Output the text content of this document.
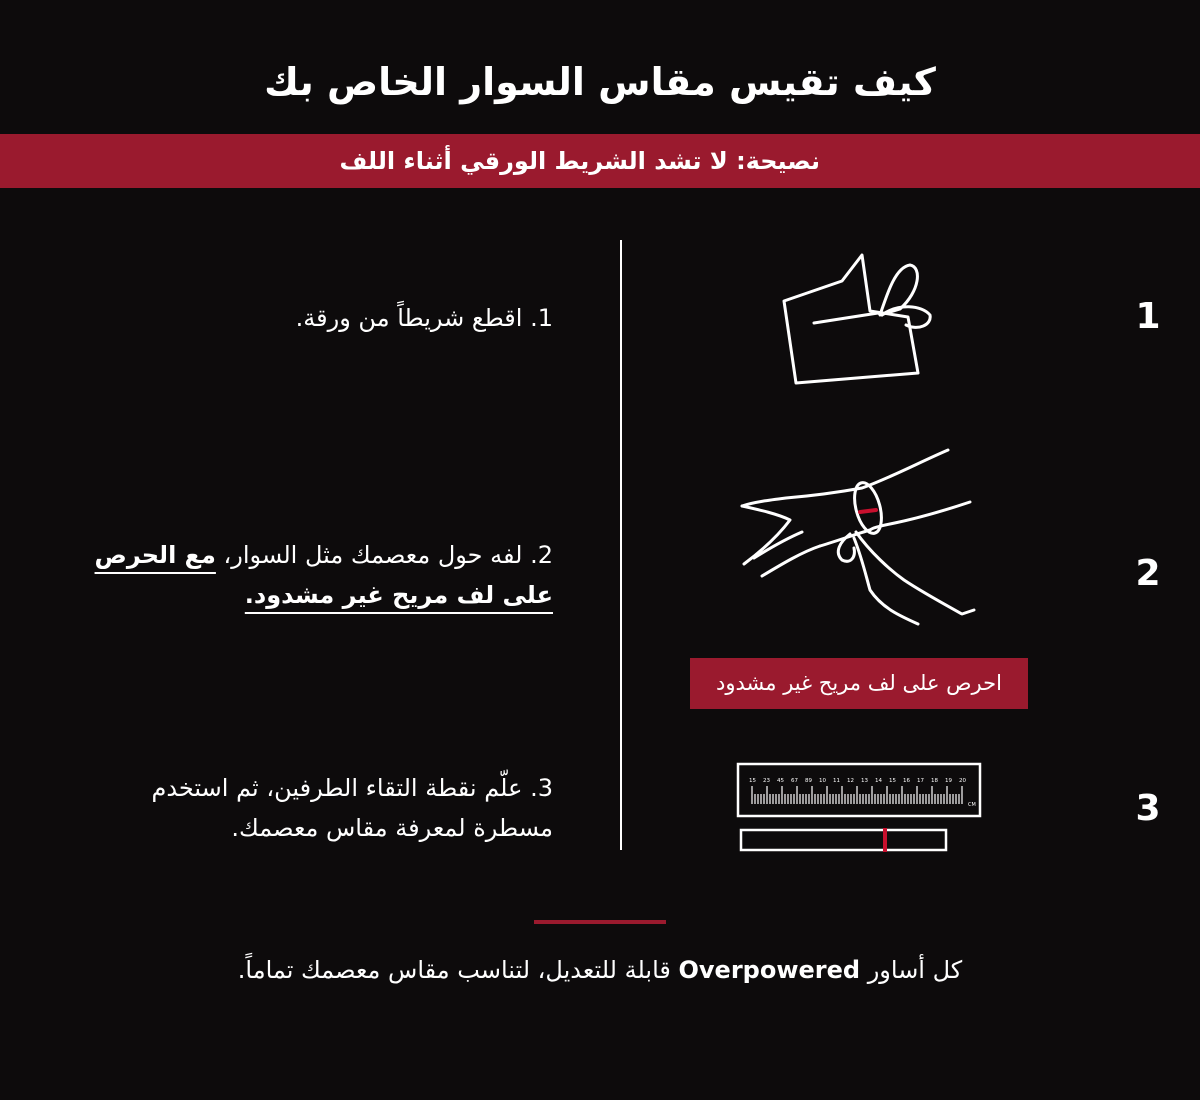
كيف تقيس مقاس السوار الخاص بك
نصيحة: لا تشد الشريط الورقي أثناء اللف
1
1. اقطع شريطاً من ورقة.
2
2. لفه حول معصمك مثل السوار، مع الحرص على لف مريح غير مشدود.
احرص على لف مريح غير مشدود
3
3. علّم نقطة التقاء الطرفين، ثم استخدم مسطرة لمعرفة مقاس معصمك.
15 23 45 67 89 10 11 12 13 14 15 16 17 18 19 20
CM
كل أساور Overpowered قابلة للتعديل، لتناسب مقاس معصمك تماماً.
